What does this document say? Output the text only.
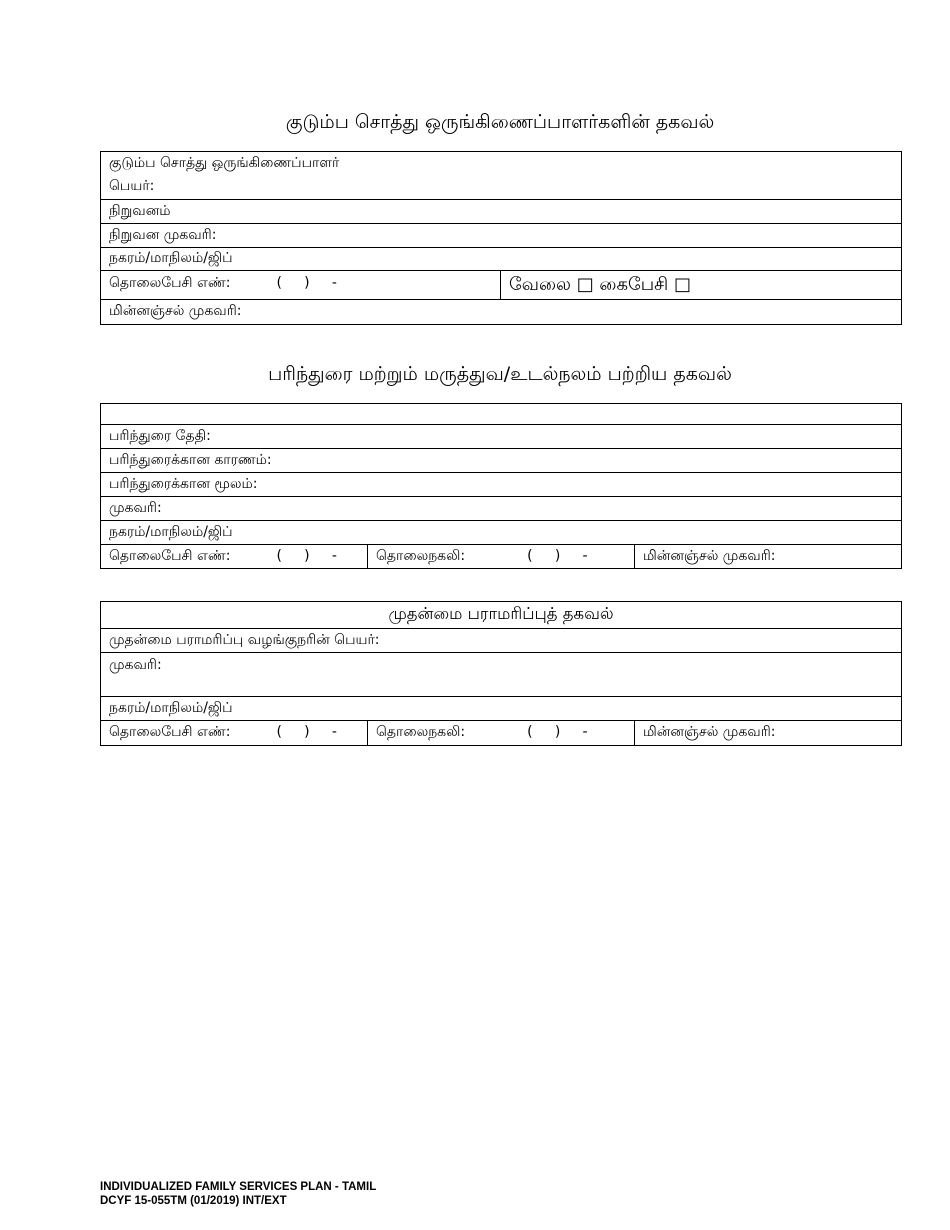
குடும்ப சொத்து ஒருங்கிணைப்பாளர்களின் தகவல்
குடும்ப சொத்து ஒருங்கிணைப்பாளர்
பெயர்:

நிறுவனம்
நிறுவன முகவரி:
நகரம்/மாநிலம்/ஜிப்
தொலைபேசி எண்:	(     )     -	வேலை □ கைபேசி □
மின்னஞ்சல் முகவரி:
பரிந்துரை மற்றும் மருத்துவ/உடல்நலம் பற்றிய தகவல்

பரிந்துரை தேதி:
பரிந்துரைக்கான காரணம்:
பரிந்துரைக்கான மூலம்:
முகவரி:
நகரம்/மாநிலம்/ஜிப்
தொலைபேசி எண்:	(     )     -	தொலைநகலி:	(     )     -	மின்னஞ்சல் முகவரி:
முதன்மை பராமரிப்புத் தகவல்
முதன்மை பராமரிப்பு வழங்குநரின் பெயர்:
முகவரி:
நகரம்/மாநிலம்/ஜிப்
தொலைபேசி எண்:	(     )     -	தொலைநகலி:	(     )     -	மின்னஞ்சல் முகவரி:
INDIVIDUALIZED FAMILY SERVICES PLAN - TAMIL
DCYF 15-055TM (01/2019) INT/EXT
